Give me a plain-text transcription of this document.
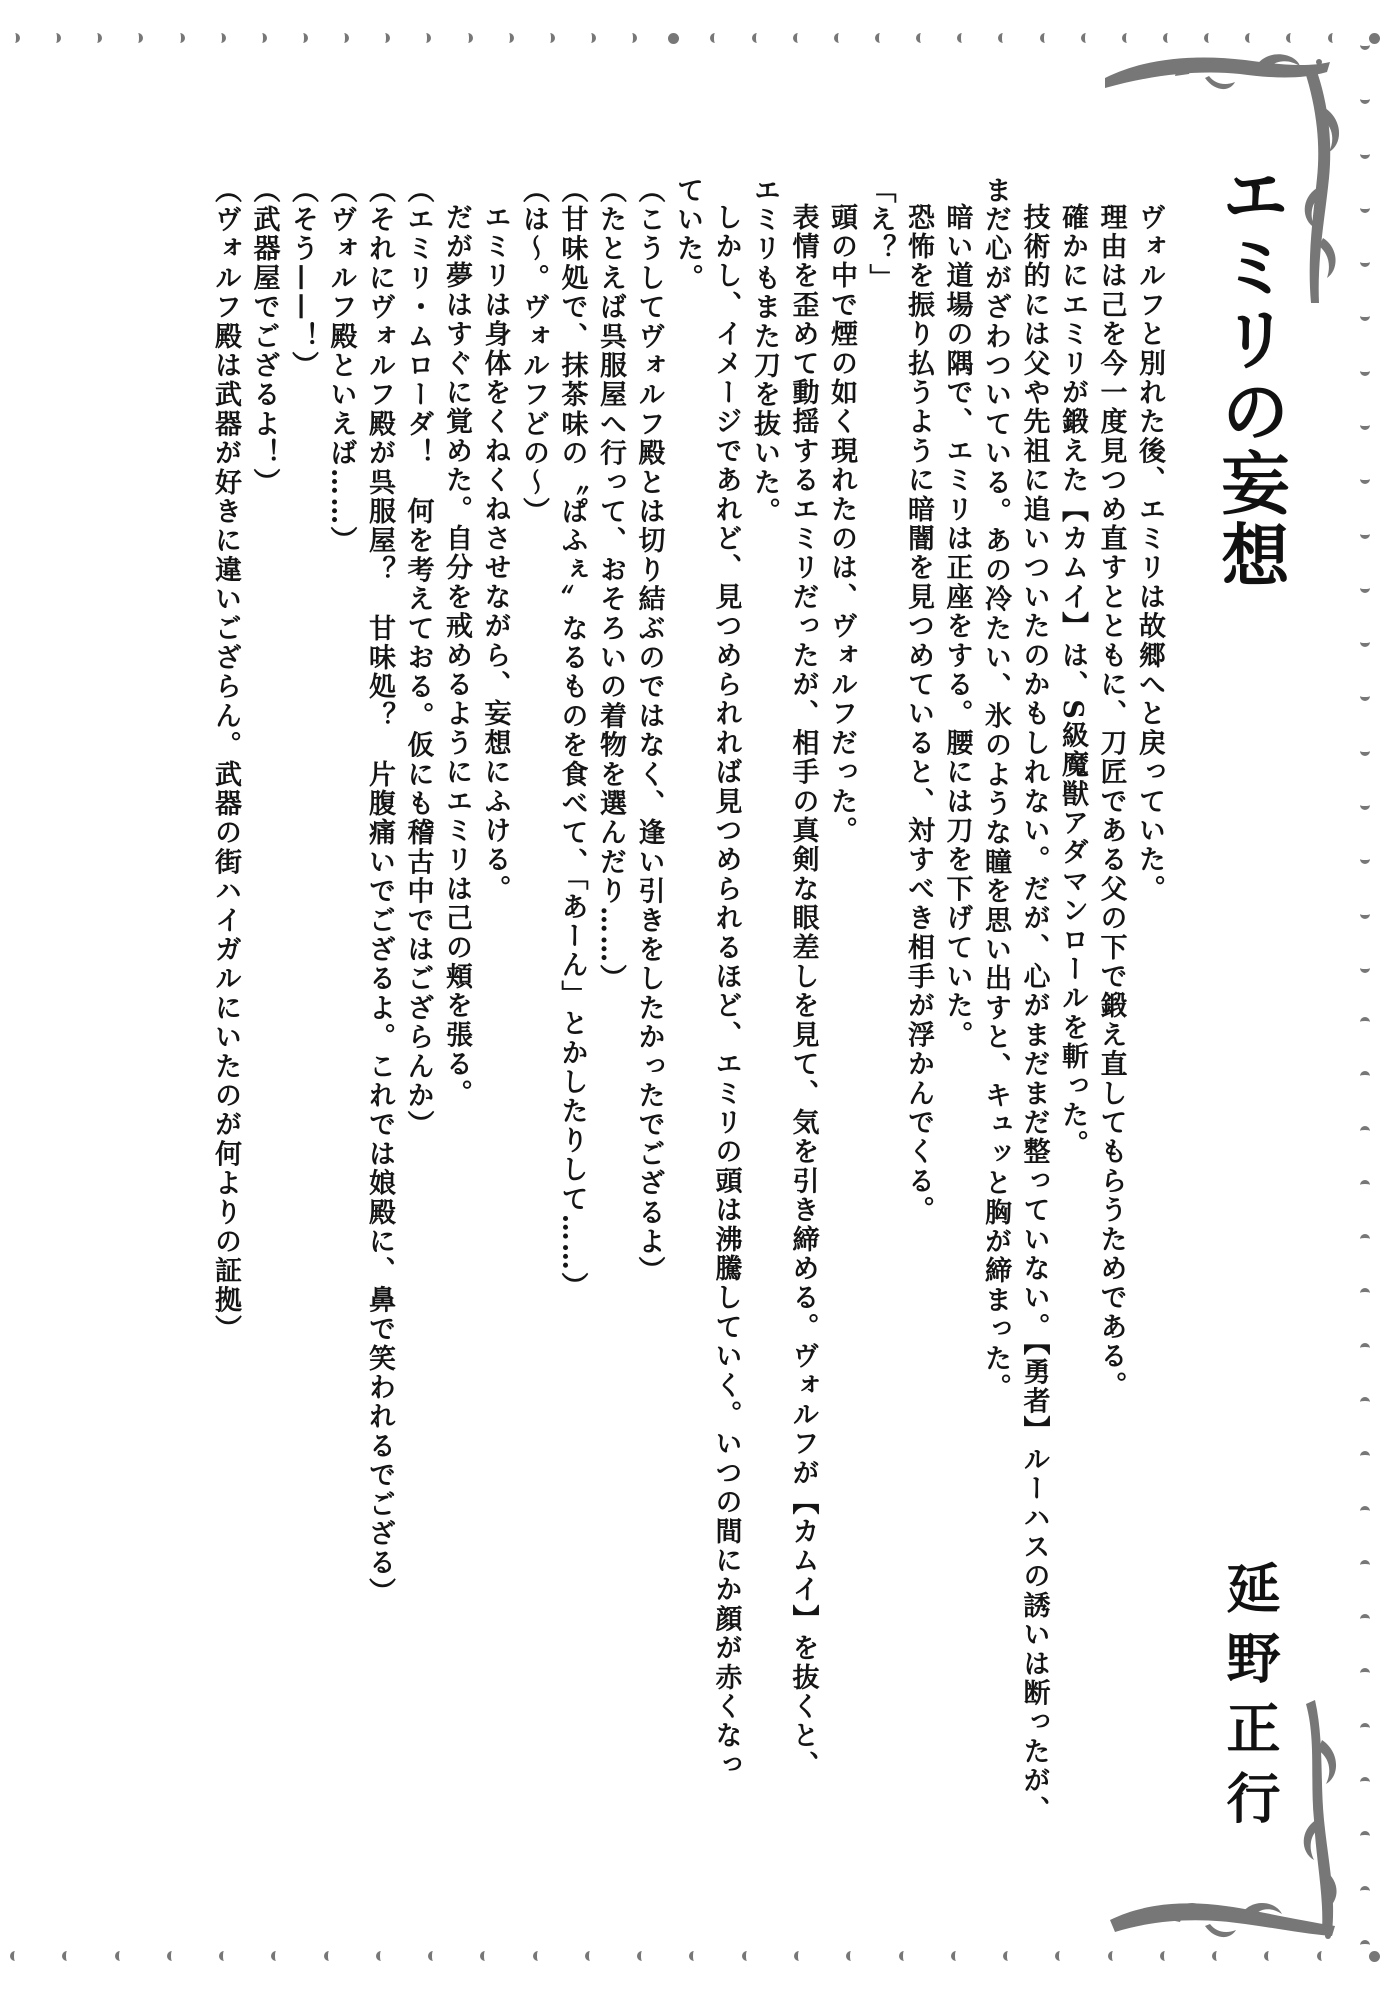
エミリの妄想
延野正行
ヴォルフと別れた後、エミリは故郷へと戻っていた。
理由は己を今一度見つめ直すとともに、刀匠である父の下で鍛え直してもらうためである。
確かにエミリが鍛えた【カムイ】は、S級魔獣アダマンロールを斬った。
技術的には父や先祖に追いついたのかもしれない。だが、心がまだまだ整っていない。【勇者】ルーハスの誘いは断ったが、
まだ心がざわついている。あの冷たい、氷のような瞳を思い出すと、キュッと胸が締まった。
暗い道場の隅で、エミリは正座をする。腰には刀を下げていた。
恐怖を振り払うように暗闇を見つめていると、対すべき相手が浮かんでくる。
「え？」
頭の中で煙の如く現れたのは、ヴォルフだった。
表情を歪めて動揺するエミリだったが、相手の真剣な眼差しを見て、気を引き締める。ヴォルフが【カムイ】を抜くと、
エミリもまた刀を抜いた。
しかし、イメージであれど、見つめられれば見つめられるほど、エミリの頭は沸騰していく。いつの間にか顔が赤くなっ
ていた。
（こうしてヴォルフ殿とは切り結ぶのではなく、逢い引きをしたかったでござるよ）
（たとえば呉服屋へ行って、おそろいの着物を選んだり……）
（甘味処で、抹茶味の〝ぱふぇ〟なるものを食べて、「あーん」とかしたりして……）
（は～。ヴォルフどの～）
エミリは身体をくねくねさせながら、妄想にふける。
だが夢はすぐに覚めた。自分を戒めるようにエミリは己の頬を張る。
（エミリ・ムローダ！　何を考えておる。仮にも稽古中ではござらんか）
（それにヴォルフ殿が呉服屋？　甘味処？　片腹痛いでござるよ。これでは娘殿に、鼻で笑われるでござる）
（ヴォルフ殿といえば……）
（そう——！）
（武器屋でござるよ！）
（ヴォルフ殿は武器が好きに違いござらん。武器の街ハイガルにいたのが何よりの証拠）
